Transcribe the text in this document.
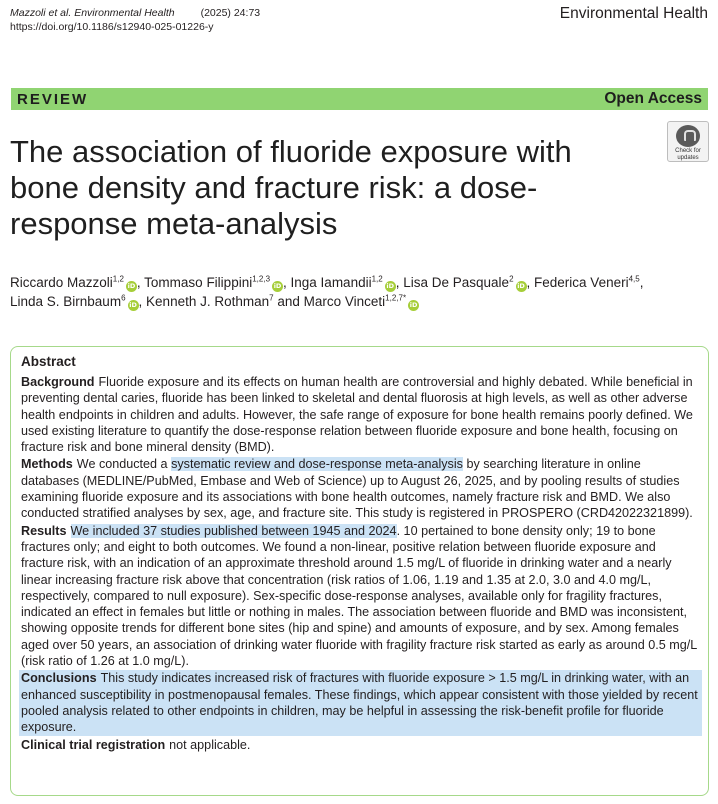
Mazzoli et al. Environmental Health (2025) 24:73
https://doi.org/10.1186/s12940-025-01226-y
Environmental Health
REVIEW	Open Access
Check for
updates
The association of fluoride exposure with bone density and fracture risk: a dose-response meta-analysis
Riccardo Mazzoli$^{1,2}$iD , Tommaso Filippini$^{1,2,3}$iD , Inga Iamandii$^{1,2}$iD , Lisa De Pasquale$^2$iD , Federica Veneri$^{4,5}$,
Linda S. Birnbaum$^6$iD , Kenneth J. Rothman$^7$ and Marco Vinceti$^{1,2,7*}$iD
Abstract

Background Fluoride exposure and its effects on human health are controversial and highly debated. While beneficial in preventing dental caries, fluoride has been linked to skeletal and dental fluorosis at high levels, as well as other adverse health endpoints in children and adults. However, the safe range of exposure for bone health remains poorly defined. We used existing literature to quantify the dose-response relation between fluoride exposure and bone health, focusing on fracture risk and bone mineral density (BMD).

Methods We conducted a systematic review and dose-response meta-analysis by searching literature in online databases (MEDLINE/PubMed, Embase and Web of Science) up to August 26, 2025, and by pooling results of studies examining fluoride exposure and its associations with bone health outcomes, namely fracture risk and BMD. We also conducted stratified analyses by sex, age, and fracture site. This study is registered in PROSPERO (CRD42022321899).

Results We included 37 studies published between 1945 and 2024. 10 pertained to bone density only; 19 to bone fractures only; and eight to both outcomes. We found a non-linear, positive relation between fluoride exposure and fracture risk, with an indication of an approximate threshold around 1.5 mg/L of fluoride in drinking water and a nearly linear increasing fracture risk above that concentration (risk ratios of 1.06, 1.19 and 1.35 at 2.0, 3.0 and 4.0 mg/L, respectively, compared to null exposure). Sex-specific dose-response analyses, available only for fragility fractures, indicated an effect in females but little or nothing in males. The association between fluoride and BMD was inconsistent, showing opposite trends for different bone sites (hip and spine) and amounts of exposure, and by sex. Among females aged over 50 years, an association of drinking water fluoride with fragility fracture risk started as early as around 0.5 mg/L (risk ratio of 1.26 at 1.0 mg/L).

Conclusions This study indicates increased risk of fractures with fluoride exposure > 1.5 mg/L in drinking water, with an enhanced susceptibility in postmenopausal females. These findings, which appear consistent with those yielded by recent pooled analysis related to other endpoints in children, may be helpful in assessing the risk-benefit profile for fluoride exposure.

Clinical trial registration not applicable.
